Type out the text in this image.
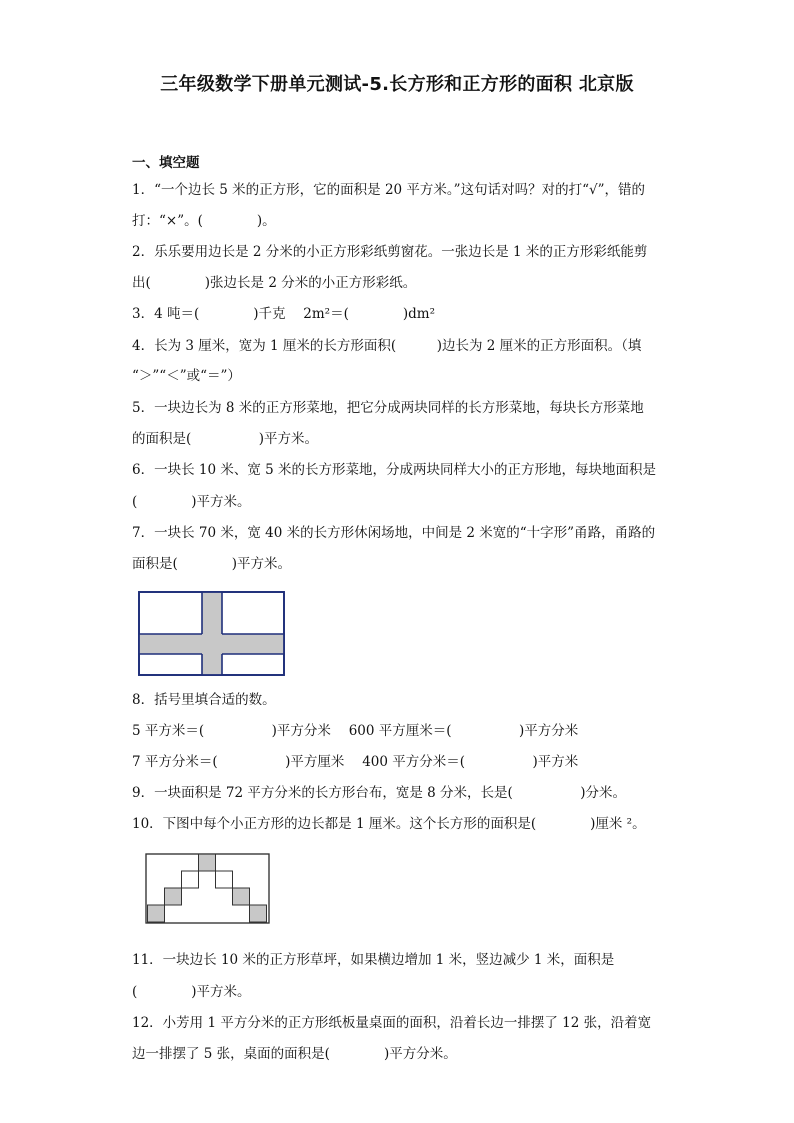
三年级数学下册单元测试-5.长方形和正方形的面积 北京版
一、填空题
1．“一个边长 5 米的正方形，它的面积是 20 平方米。”这句话对吗？对的打“√”，错的
打：“×”。(　　　　)。
2．乐乐要用边长是 2 分米的小正方形彩纸剪窗花。一张边长是 1 米的正方形彩纸能剪
出(　　　　)张边长是 2 分米的小正方形彩纸。
3．4 吨＝(　　　　)千克　 2m²＝(　　　　)dm²
4．长为 3 厘米，宽为 1 厘米的长方形面积(　　　)边长为 2 厘米的正方形面积。（填
“＞”“＜”或“＝”）
5．一块边长为 8 米的正方形菜地，把它分成两块同样的长方形菜地，每块长方形菜地
的面积是(　　　　　)平方米。
6．一块长 10 米、宽 5 米的长方形菜地，分成两块同样大小的正方形地，每块地面积是
(　　　　)平方米。
7．一块长 70 米，宽 40 米的长方形休闲场地，中间是 2 米宽的“十字形”甬路，甬路的
面积是(　　　　)平方米。
8．括号里填合适的数。
5 平方米＝(　　　　　)平方分米　 600 平方厘米＝(　　　　　)平方分米
7 平方分米＝(　　　　　)平方厘米　 400 平方分米＝(　　　　　)平方米
9．一块面积是 72 平方分米的长方形台布，宽是 8 分米，长是(　　　　　)分米。
10．下图中每个小正方形的边长都是 1 厘米。这个长方形的面积是(　　　　)厘米 ²。
11．一块边长 10 米的正方形草坪，如果横边增加 1 米，竖边减少 1 米，面积是
(　　　　)平方米。
12．小芳用 1 平方分米的正方形纸板量桌面的面积，沿着长边一排摆了 12 张，沿着宽
边一排摆了 5 张，桌面的面积是(　　　　)平方分米。
